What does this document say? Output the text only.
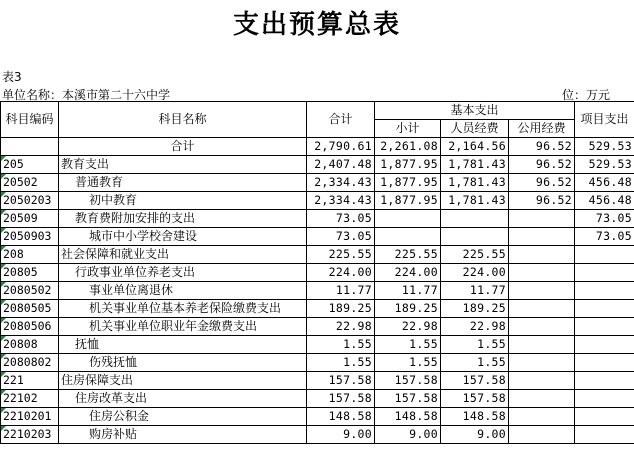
支出预算总表
表3
单位名称：本溪市第二十六中学	位：万元
科目编码	科目名称	合计	基本支出			项目支出
			小计	人员经费	公用经费	
	合计	2,790.61	2,261.08	2,164.56	96.52	529.53
205	教育支出	2,407.48	1,877.95	1,781.43	96.52	529.53
20502	普通教育	2,334.43	1,877.95	1,781.43	96.52	456.48
2050203	初中教育	2,334.43	1,877.95	1,781.43	96.52	456.48
20509	教育费附加安排的支出	73.05				73.05
2050903	城市中小学校舍建设	73.05				73.05
208	社会保障和就业支出	225.55	225.55	225.55		
20805	行政事业单位养老支出	224.00	224.00	224.00		
2080502	事业单位离退休	11.77	11.77	11.77		
2080505	机关事业单位基本养老保险缴费支出	189.25	189.25	189.25		
2080506	机关事业单位职业年金缴费支出	22.98	22.98	22.98		
20808	抚恤	1.55	1.55	1.55		
2080802	伤残抚恤	1.55	1.55	1.55		
221	住房保障支出	157.58	157.58	157.58		
22102	住房改革支出	157.58	157.58	157.58		
2210201	住房公积金	148.58	148.58	148.58		
2210203	购房补贴	9.00	9.00	9.00		
